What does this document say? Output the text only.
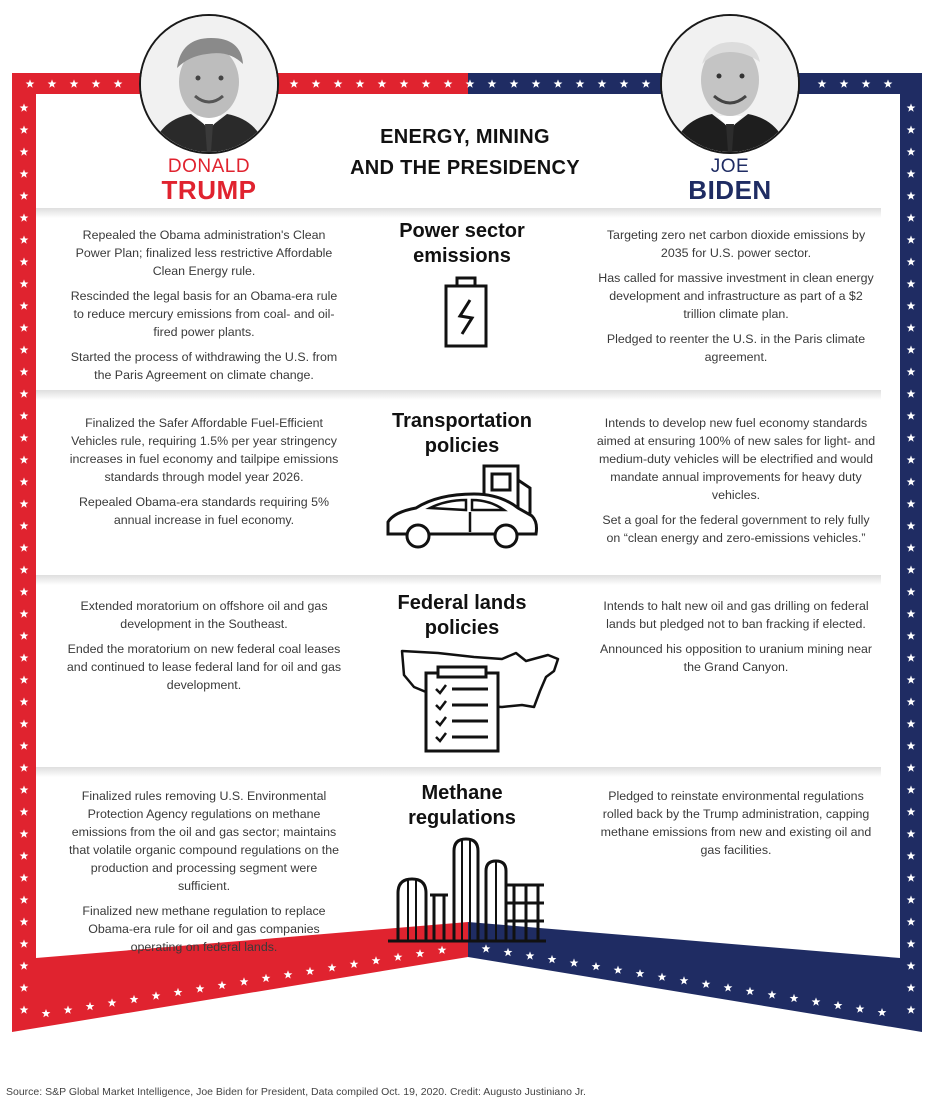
DONALD
TRUMP
JOE
BIDEN
ENERGY, MINING
AND THE PRESIDENCY

Repealed the Obama administration's Clean Power Plan; finalized less restrictive Affordable Clean Energy rule.

Rescinded the legal basis for an Obama-era rule to reduce mercury emissions from coal- and oil-fired power plants.

Started the process of withdrawing the U.S. from the Paris Agreement on climate change.

Power sector
emissions

Targeting zero net carbon dioxide emissions by 2035 for U.S. power sector.

Has called for massive investment in clean energy development and infrastructure as part of a $2 trillion climate plan.

Pledged to reenter the U.S. in the Paris climate agreement.

Finalized the Safer Affordable Fuel-Efficient Vehicles rule, requiring 1.5% per year stringency increases in fuel economy and tailpipe emissions standards through model year 2026.

Repealed Obama-era standards requiring 5% annual increase in fuel economy.

Transportation
policies

Intends to develop new fuel economy standards aimed at ensuring 100% of new sales for light- and medium-duty vehicles will be electrified and would mandate annual improvements for heavy duty vehicles.

Set a goal for the federal government to rely fully on “clean energy and zero-emissions vehicles.”

Extended moratorium on offshore oil and gas development in the Southeast.

Ended the moratorium on new federal coal leases and continued to lease federal land for oil and gas development.

Federal lands
policies

Intends to halt new oil and gas drilling on federal lands but pledged not to ban fracking if elected.

Announced his opposition to uranium mining near the Grand Canyon.

Finalized rules removing U.S. Environmental Protection Agency regulations on methane emissions from the oil and gas sector; maintains that volatile organic compound regulations on the production and processing segment were sufficient.

Finalized new methane regulation to replace Obama-era rule for oil and gas companies operating on federal lands.

Methane
regulations

Pledged to reinstate environmental regulations rolled back by the Trump administration, capping methane emissions from new and existing oil and gas facilities.

Source: S&P Global Market Intelligence, Joe Biden for President, Data compiled Oct. 19, 2020. Credit: Augusto Justiniano Jr.
